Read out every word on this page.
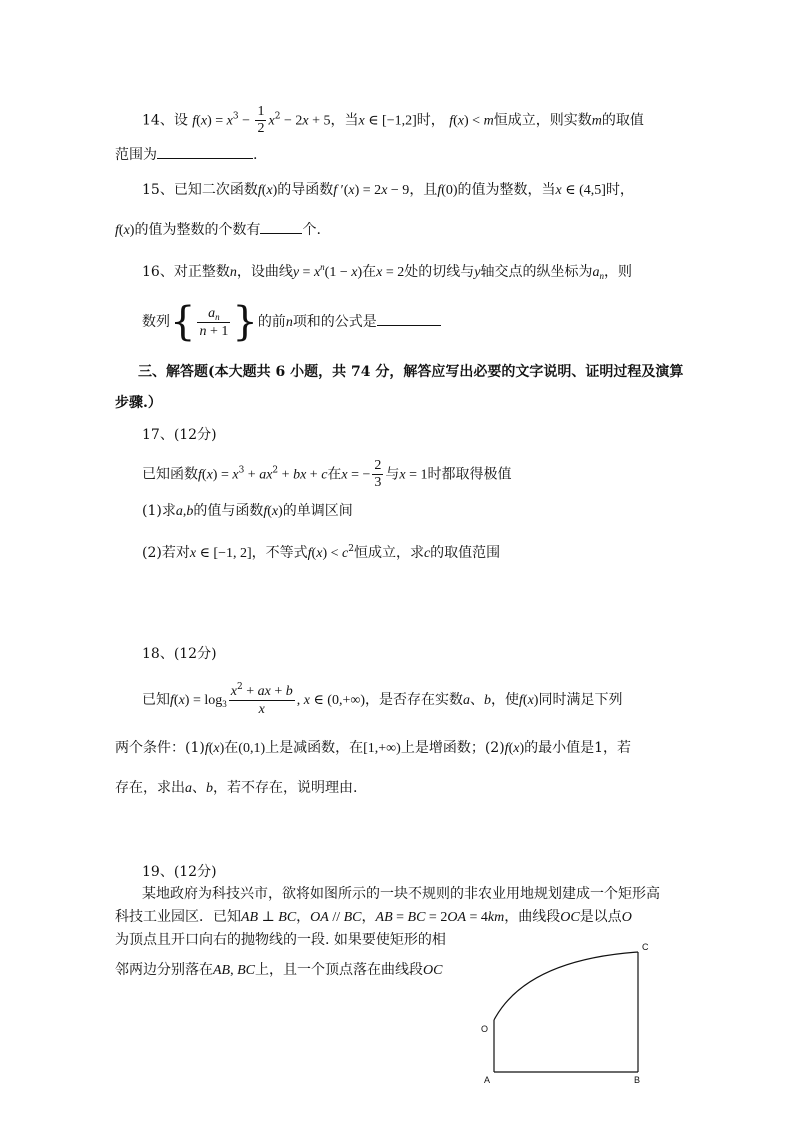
14、设 $f(x) = x^3 - \frac{1}{2} x^2 - 2x + 5$，当x ∈ [−1,2]时， f(x) < m恒成立，则实数m的取值
范围为	.
15、已知二次函数f(x)的导函数f ′(x) = 2x − 9，且f(0)的值为整数，当x ∈ (4,5]时，
f(x)的值为整数的个数有	个.
16、对正整数n，设曲线$y = x^n(1 - x)$在x = 2处的切线与y轴交点的纵坐标为$a_n$，则
数列{ $\frac{a_n}{n + 1}$ }的前n项和的公式是
三、解答题(本大题共 6 小题，共 74 分，解答应写出必要的文字说明、证明过程及演算
步骤.）
17、(12分)
已知函数$f(x) = x^3 + ax^2$ + bx + c在x = − $\frac{2}{3}$ 与x = 1时都取得极值
(1)求a,b的值与函数f(x)的单调区间
(2)若对x ∈ [−1, 2]，不等式$f(x) < c^2$恒成立，求c的取值范围
18、(12分)
已知$f(x) = \log_3 \frac{x^2 + ax + b}{x}$ , x ∈ (0,+∞)，是否存在实数a、b，使f(x)同时满足下列
两个条件：(1)f(x)在(0,1)上是减函数，在[1,+∞)上是增函数；(2)f(x)的最小值是1，若
存在，求出a、b，若不存在，说明理由.
19、(12分)
某地政府为科技兴市，欲将如图所示的一块不规则的非农业用地规划建成一个矩形高
科技工业园区．已知AB ⊥ BC，OA // BC，AB = BC = 2OA = 4km，曲线段OC是以点O
为顶点且开口向右的抛物线的一段. 如果要使矩形的相
邻两边分别落在AB, BC上，且一个顶点落在曲线段OC
C
O
A	B
